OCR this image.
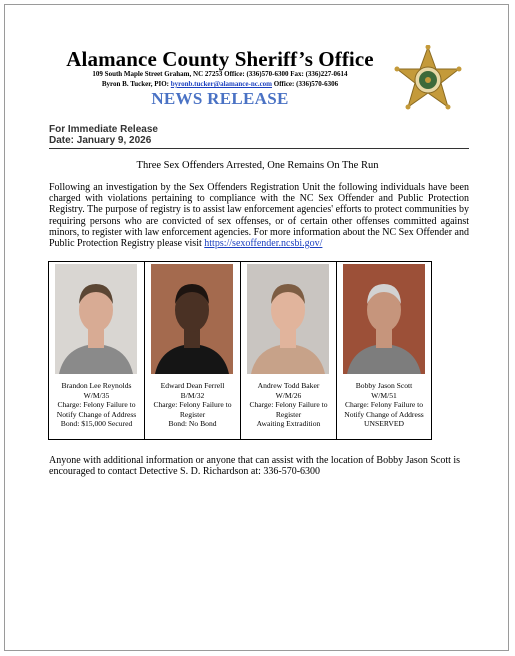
Alamance County Sheriff’s Office
109 South Maple Street Graham, NC 27253 Office: (336)570-6300 Fax: (336)227-0614
Byron B. Tucker, PIO: byronb.tucker@alamance-nc.com Office: (336)570-6306
NEWS RELEASE
For Immediate Release
Date: January 9, 2026
Three Sex Offenders Arrested, One Remains On The Run
Following an investigation by the Sex Offenders Registration Unit the following individuals have been charged with violations pertaining to compliance with the NC Sex Offender and Public Protection Registry. The purpose of registry is to assist law enforcement agencies' efforts to protect communities by requiring persons who are convicted of sex offenses, or of certain other offenses committed against minors, to register with law enforcement agencies. For more information about the NC Sex Offender and Public Protection Registry please visit https://sexoffender.ncsbi.gov/
Brandon Lee Reynolds
W/M/35
Charge: Felony Failure to
Notify Change of Address
Bond: $15,000 Secured
Edward Dean Ferrell
B/M/32
Charge: Felony Failure to
Register
Bond: No Bond
Andrew Todd Baker
W/M/26
Charge: Felony Failure to
Register
Awaiting Extradition
Bobby Jason Scott
W/M/51
Charge: Felony Failure to
Notify Change of Address
UNSERVED
Anyone with additional information or anyone that can assist with the location of Bobby Jason Scott is encouraged to contact Detective S. D. Richardson at: 336-570-6300
